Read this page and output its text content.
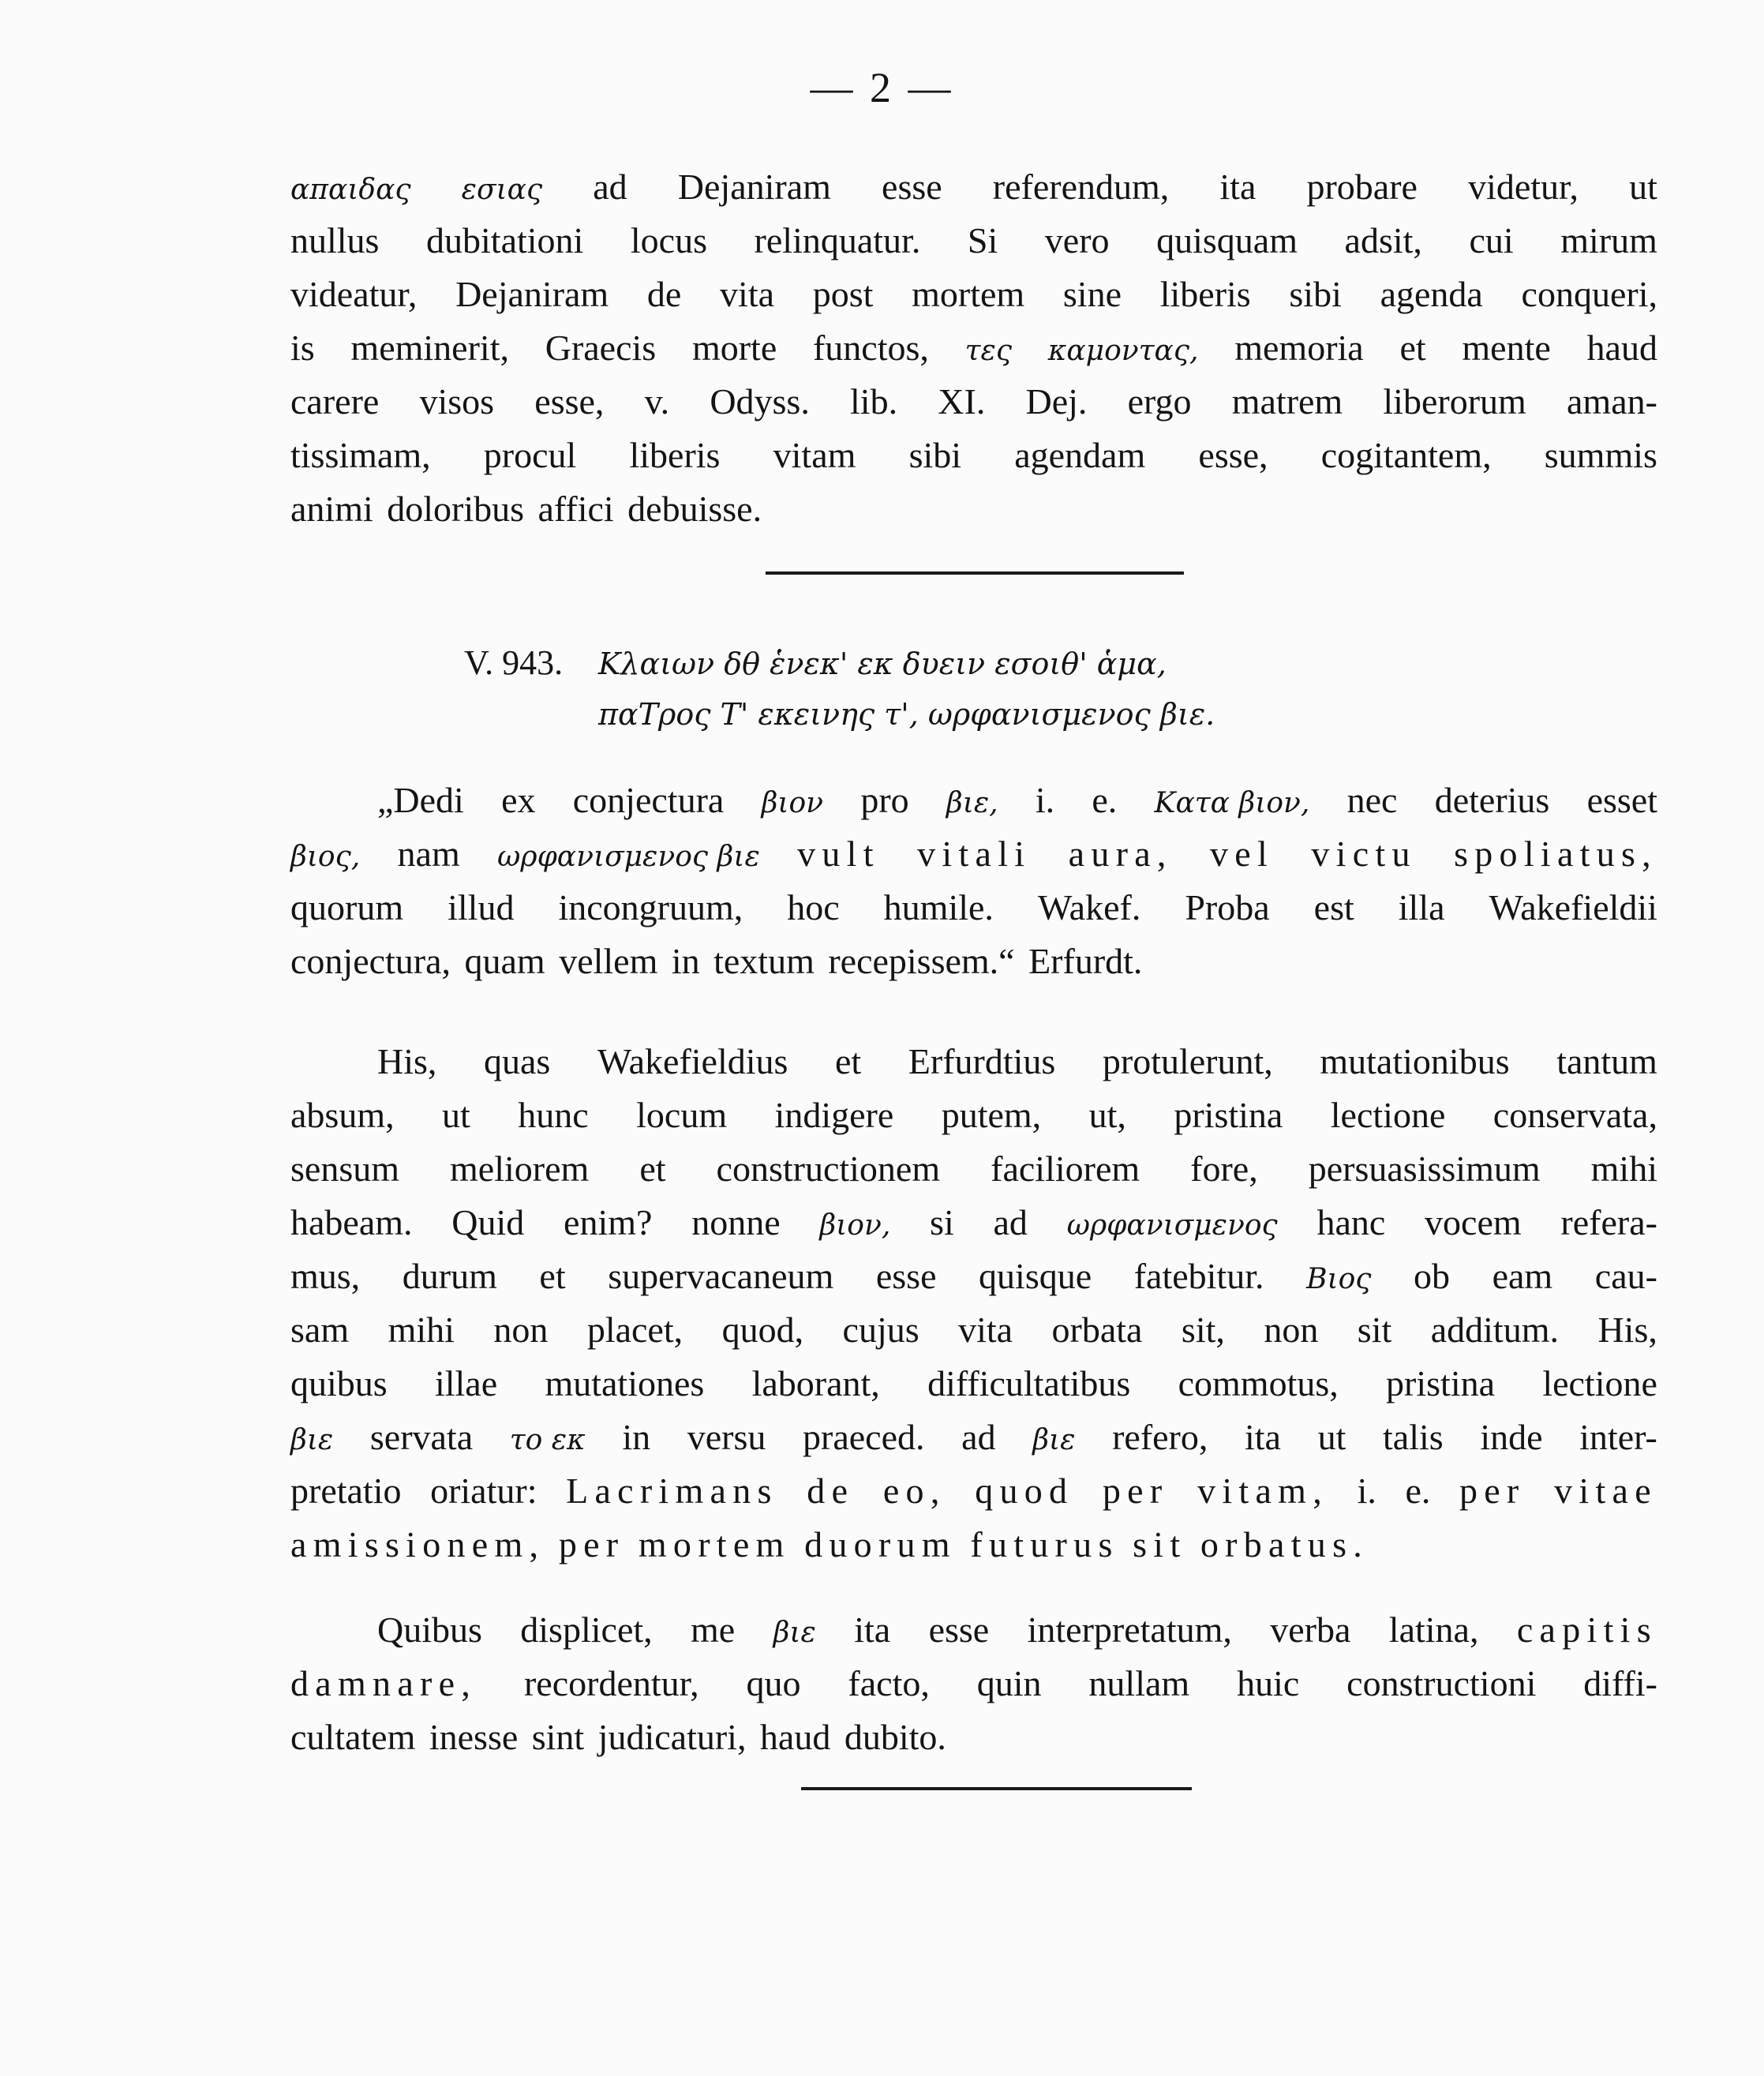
— 2 —
απαιδας εσιας ad Dejaniram esse referendum, ita probare videtur, ut
nullus dubitationi locus relinquatur. Si vero quisquam adsit, cui mirum
videatur, Dejaniram de vita post mortem sine liberis sibi agenda conqueri,
is meminerit, Graecis morte functos, τες καμοντας, memoria et mente haud
carere visos esse, v. Odyss. lib. XI. Dej. ergo matrem liberorum aman-
tissimam, procul liberis vitam sibi agendam esse, cogitantem, summis
animi doloribus affici debuisse.
V. 943. Κλαιων δθ ἑνεκ' εκ δυειν εσοιθ' ἁμα,
παΤρος Τ' εκεινης τ', ωρφανισμενος βιε.
„Dedi ex conjectura βιον pro βιε, i. e. Κατα βιον, nec deterius esset
βιος, nam ωρφανισμενος βιε vult vitali aura, vel victu spoliatus,
quorum illud incongruum, hoc humile. Wakef. Proba est illa Wakefieldii
conjectura, quam vellem in textum recepissem.“ Erfurdt.
His, quas Wakefieldius et Erfurdtius protulerunt, mutationibus tantum
absum, ut hunc locum indigere putem, ut, pristina lectione conservata,
sensum meliorem et constructionem faciliorem fore, persuasissimum mihi
habeam. Quid enim? nonne βιον, si ad ωρφανισμενος hanc vocem refera-
mus, durum et supervacaneum esse quisque fatebitur. Βιος ob eam cau-
sam mihi non placet, quod, cujus vita orbata sit, non sit additum. His,
quibus illae mutationes laborant, difficultatibus commotus, pristina lectione
βιε servata το εκ in versu praeced. ad βιε refero, ita ut talis inde inter-
pretatio oriatur: Lacrimans de eo, quod per vitam, i. e. per vitae
amissionem, per mortem duorum futurus sit orbatus.
Quibus displicet, me βιε ita esse interpretatum, verba latina, capitis
damnare, recordentur, quo facto, quin nullam huic constructioni diffi-
cultatem inesse sint judicaturi, haud dubito.
